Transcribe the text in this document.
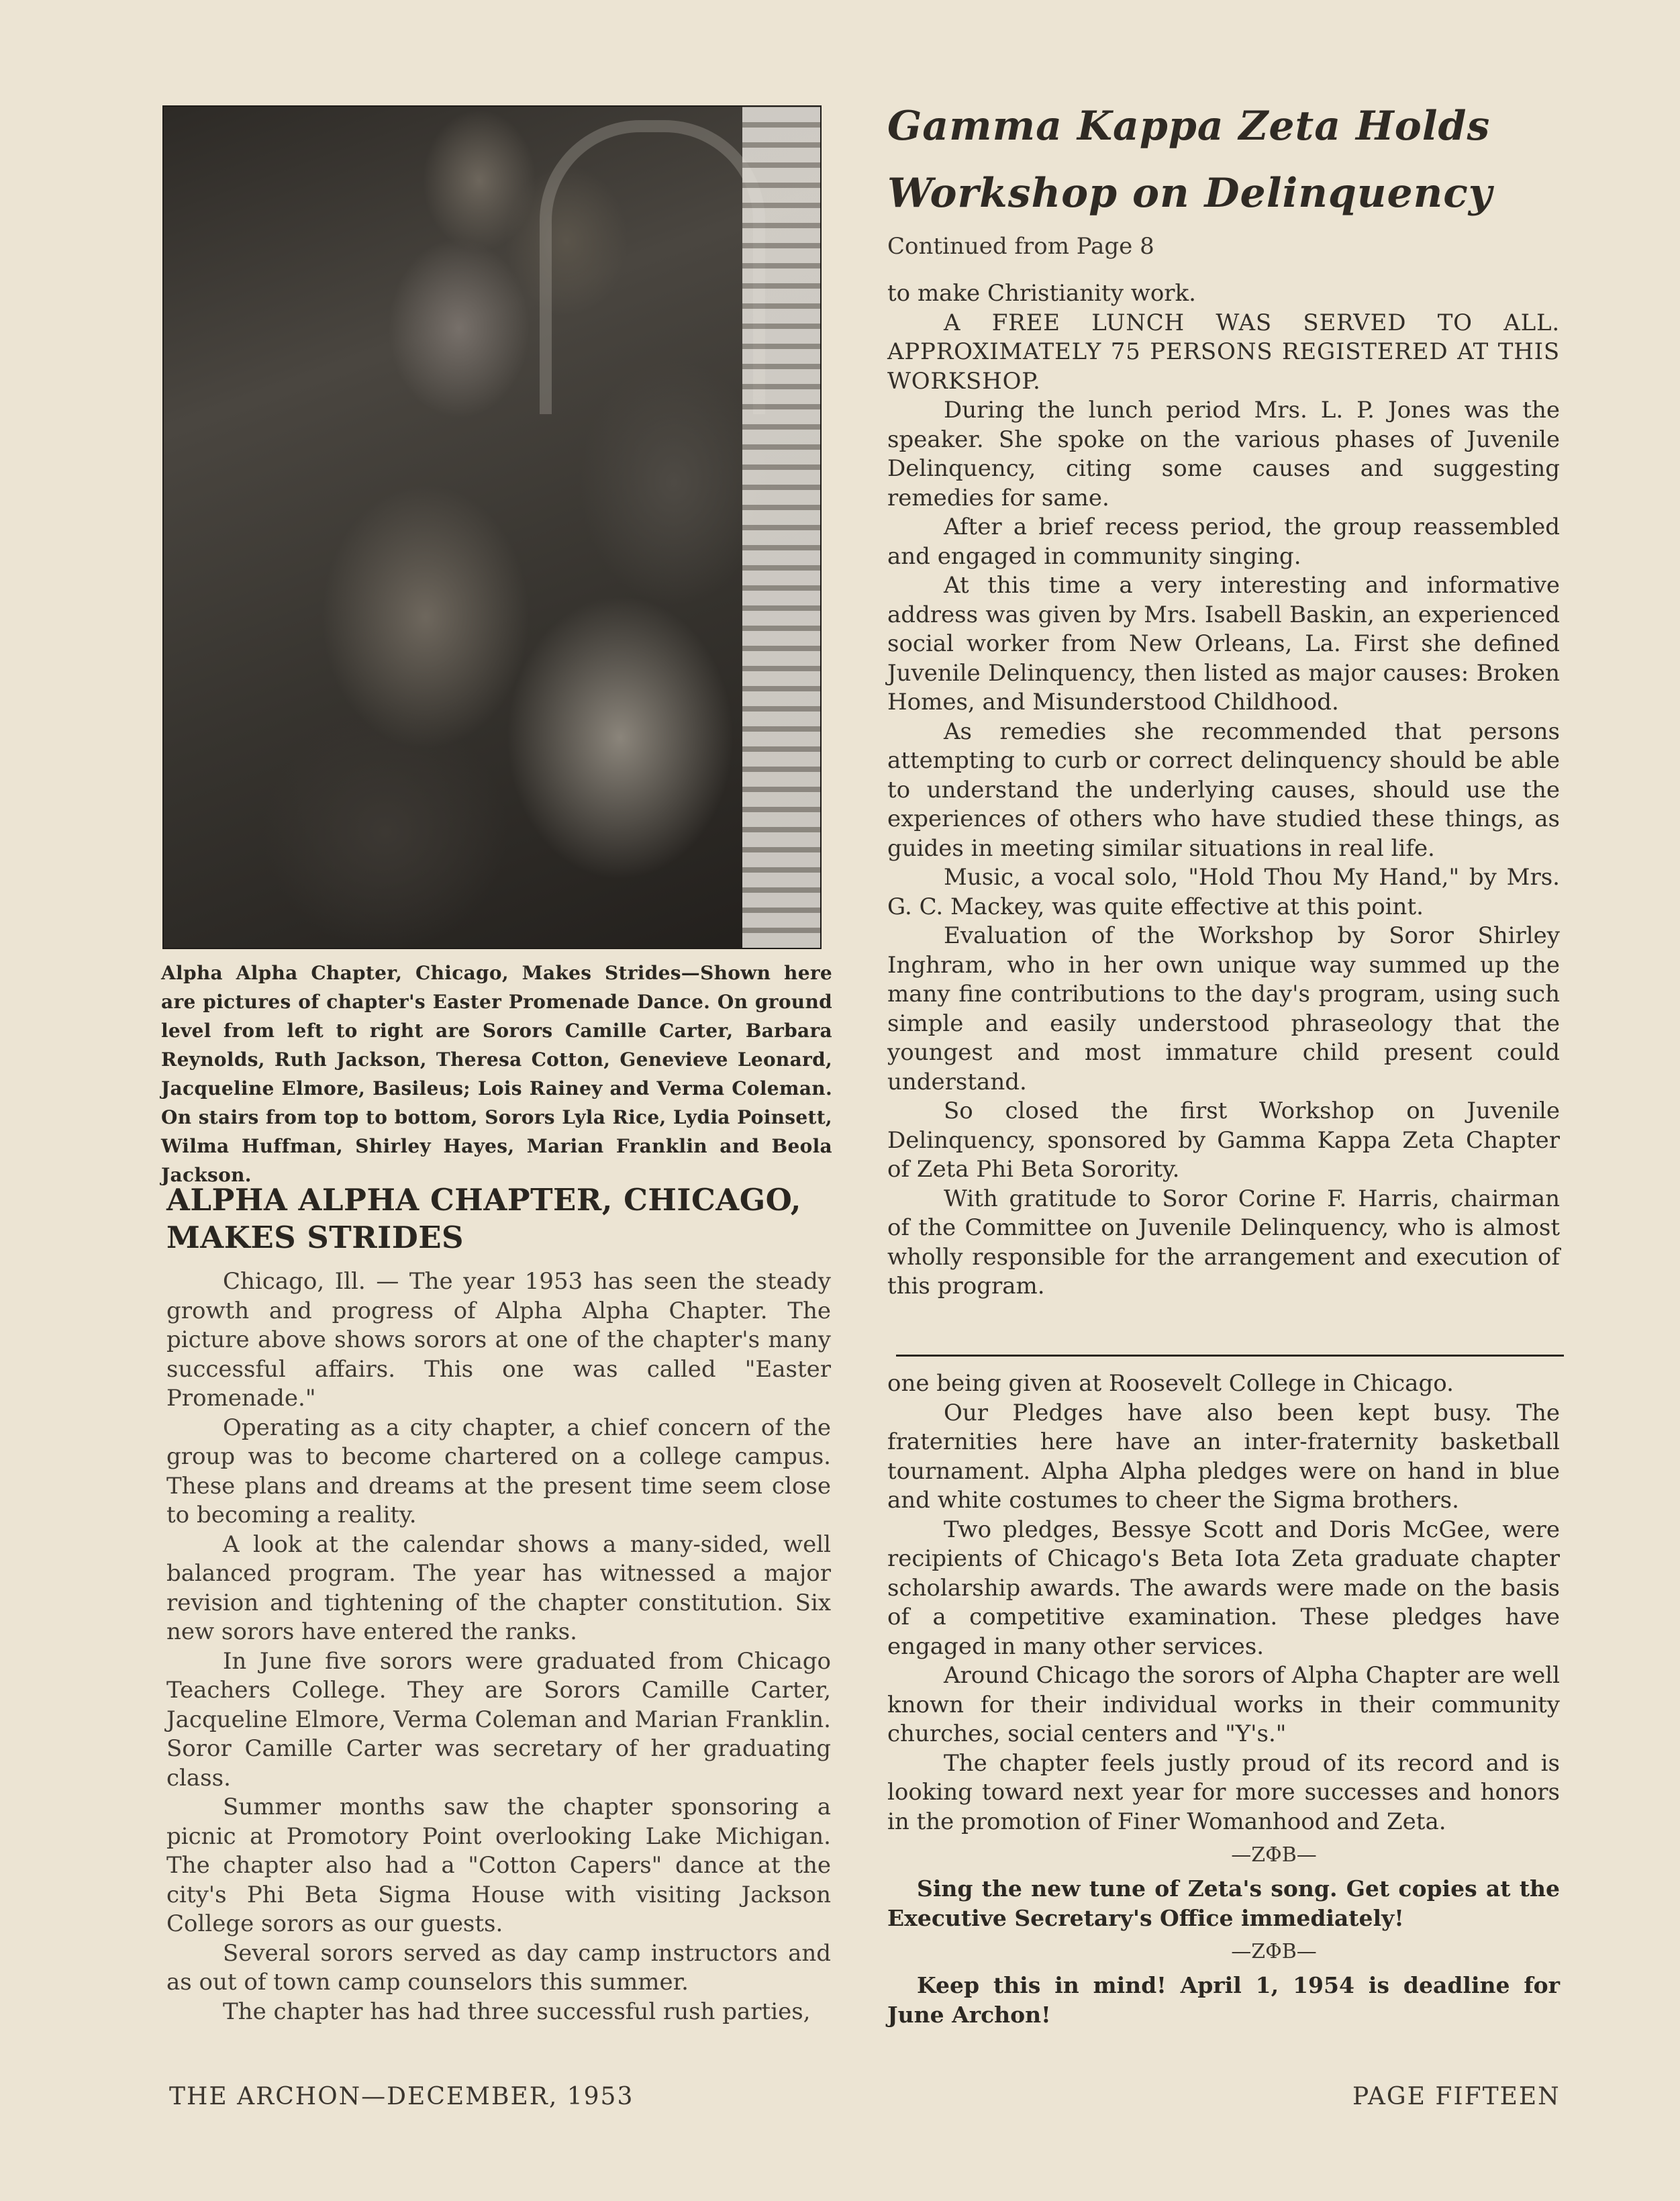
Alpha Alpha Chapter, Chicago, Makes Strides—Shown here are pictures of chapter's Easter Promenade Dance. On ground level from left to right are Sorors Camille Carter, Barbara Reynolds, Ruth Jackson, Theresa Cotton, Genevieve Leonard, Jacqueline Elmore, Basileus; Lois Rainey and Verma Coleman. On stairs from top to bottom, Sorors Lyla Rice, Lydia Poinsett, Wilma Huffman, Shirley Hayes, Marian Franklin and Beola Jackson.
ALPHA ALPHA CHAPTER, CHICAGO, MAKES STRIDES

Chicago, Ill. — The year 1953 has seen the steady growth and progress of Alpha Alpha Chapter. The picture above shows sorors at one of the chapter's many successful affairs. This one was called "Easter Promenade."

Operating as a city chapter, a chief concern of the group was to become chartered on a college campus. These plans and dreams at the present time seem close to becoming a reality.

A look at the calendar shows a many-sided, well balanced program. The year has witnessed a major revision and tightening of the chapter constitution. Six new sorors have entered the ranks.

In June five sorors were graduated from Chicago Teachers College. They are Sorors Camille Carter, Jacqueline Elmore, Verma Coleman and Marian Franklin. Soror Camille Carter was secretary of her graduating class.

Summer months saw the chapter sponsoring a picnic at Promotory Point overlooking Lake Michigan. The chapter also had a "Cotton Capers" dance at the city's Phi Beta Sigma House with visiting Jackson College sorors as our guests.

Several sorors served as day camp instructors and as out of town camp counselors this summer.

The chapter has had three successful rush parties,

Gamma Kappa Zeta Holds
Workshop on Delinquency
Continued from Page 8

to make Christianity work.

A FREE LUNCH WAS SERVED TO ALL. APPROXIMATELY 75 PERSONS REGISTERED AT THIS WORKSHOP.

During the lunch period Mrs. L. P. Jones was the speaker. She spoke on the various phases of Juvenile Delinquency, citing some causes and suggesting remedies for same.

After a brief recess period, the group reassembled and engaged in community singing.

At this time a very interesting and informative address was given by Mrs. Isabell Baskin, an experienced social worker from New Orleans, La. First she defined Juvenile Delinquency, then listed as major causes: Broken Homes, and Misunderstood Childhood.

As remedies she recommended that persons attempting to curb or correct delinquency should be able to understand the underlying causes, should use the experiences of others who have studied these things, as guides in meeting similar situations in real life.

Music, a vocal solo, "Hold Thou My Hand," by Mrs. G. C. Mackey, was quite effective at this point.

Evaluation of the Workshop by Soror Shirley Inghram, who in her own unique way summed up the many fine contributions to the day's program, using such simple and easily understood phraseology that the youngest and most immature child present could understand.

So closed the first Workshop on Juvenile Delinquency, sponsored by Gamma Kappa Zeta Chapter of Zeta Phi Beta Sorority.

With gratitude to Soror Corine F. Harris, chairman of the Committee on Juvenile Delinquency, who is almost wholly responsible for the arrangement and execution of this program.

one being given at Roosevelt College in Chicago.

Our Pledges have also been kept busy. The fraternities here have an inter-fraternity basketball tournament. Alpha Alpha pledges were on hand in blue and white costumes to cheer the Sigma brothers.

Two pledges, Bessye Scott and Doris McGee, were recipients of Chicago's Beta Iota Zeta graduate chapter scholarship awards. The awards were made on the basis of a competitive examination. These pledges have engaged in many other services.

Around Chicago the sorors of Alpha Chapter are well known for their individual works in their community churches, social centers and "Y's."

The chapter feels justly proud of its record and is looking toward next year for more successes and honors in the promotion of Finer Womanhood and Zeta.

—ZΦB—

Sing the new tune of Zeta's song. Get copies at the Executive Secretary's Office immediately!

—ZΦB—

Keep this in mind! April 1, 1954 is deadline for June Archon!

THE ARCHON—DECEMBER, 1953	PAGE FIFTEEN
